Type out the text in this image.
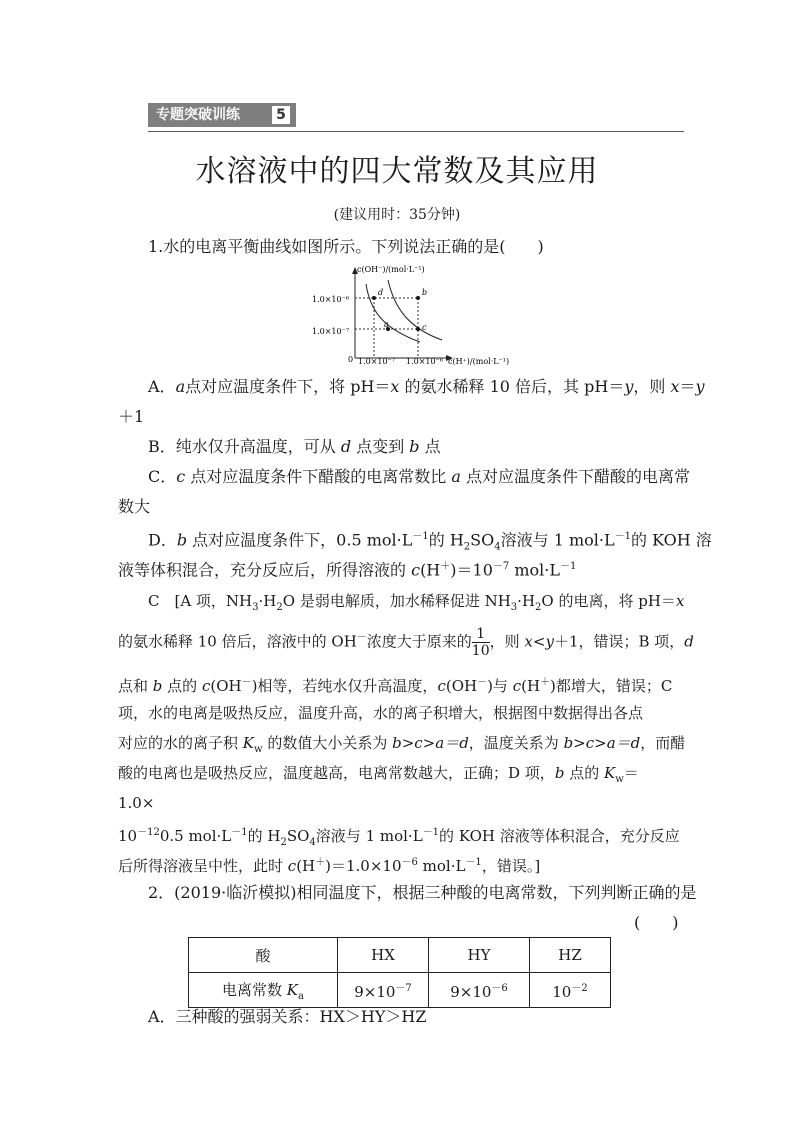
专题突破训练	5
水溶液中的四大常数及其应用
(建议用时：35分钟)
1.水的电离平衡曲线如图所示。下列说法正确的是(　　)
c(OH⁻)/(mol·L⁻¹)
c(H⁺)/(mol·L⁻¹)
1.0×10⁻⁶
1.0×10⁻⁷
1.0×10⁻⁷ 1.0×10⁻⁶
0
d	b
a	c
A．a点对应温度条件下，将 pH＝x 的氨水稀释 10 倍后，其 pH＝y，则 x＝y
＋1
B．纯水仅升高温度，可从 d 点变到 b 点
C．c 点对应温度条件下醋酸的电离常数比 a 点对应温度条件下醋酸的电离常
数大
D．b 点对应温度条件下，0.5 $mol\cdot L^{-1}$的 $H_2SO_4$溶液与 1 $mol\cdot L^{-1}$的 KOH 溶
液等体积混合，充分反应后，所得溶液的 $c(H^+)=10^{-7}$ $mol\cdot L^{-1}$
C　[A 项，$NH_3\cdot H_2O$ 是弱电解质，加水稀释促进 $NH_3\cdot H_2O$ 的电离，将 pH＝x
的氨水稀释 10 倍后，溶液中的 OH－浓度大于原来的 $\frac{1}{10}$ ，则 x<y＋1，错误；B 项，d
点和 b 点的 c(OH－)相等，若纯水仅升高温度，c(OH－)与 c(H＋)都增大，错误；C
项，水的电离是吸热反应，温度升高，水的离子积增大，根据图中数据得出各点
对应的水的离子积 $K_w$ 的数值大小关系为 b>c>a＝d，温度关系为 b>c>a＝d，而醋
酸的电离也是吸热反应，温度越高，电离常数越大，正确；D 项，b 点的 $K_w=$
1.0×
$10^{-12}0.5$ $mol\cdot L^{-1}$的 $H_2SO_4$溶液与 1 $mol\cdot L^{-1}$的 KOH 溶液等体积混合，充分反应
后所得溶液呈中性，此时 $c(H^+)=1.0\times 10^{-6}$ $mol\cdot L^{-1}$，错误。]
2．(2019·临沂模拟)相同温度下，根据三种酸的电离常数，下列判断正确的是
(　　)
酸	HX	HY	HZ
电离常数 $K_a$	$9\times 10^{-7}$	$9\times 10^{-6}$	$10^{-2}$
A．三种酸的强弱关系：HX＞HY＞HZ
